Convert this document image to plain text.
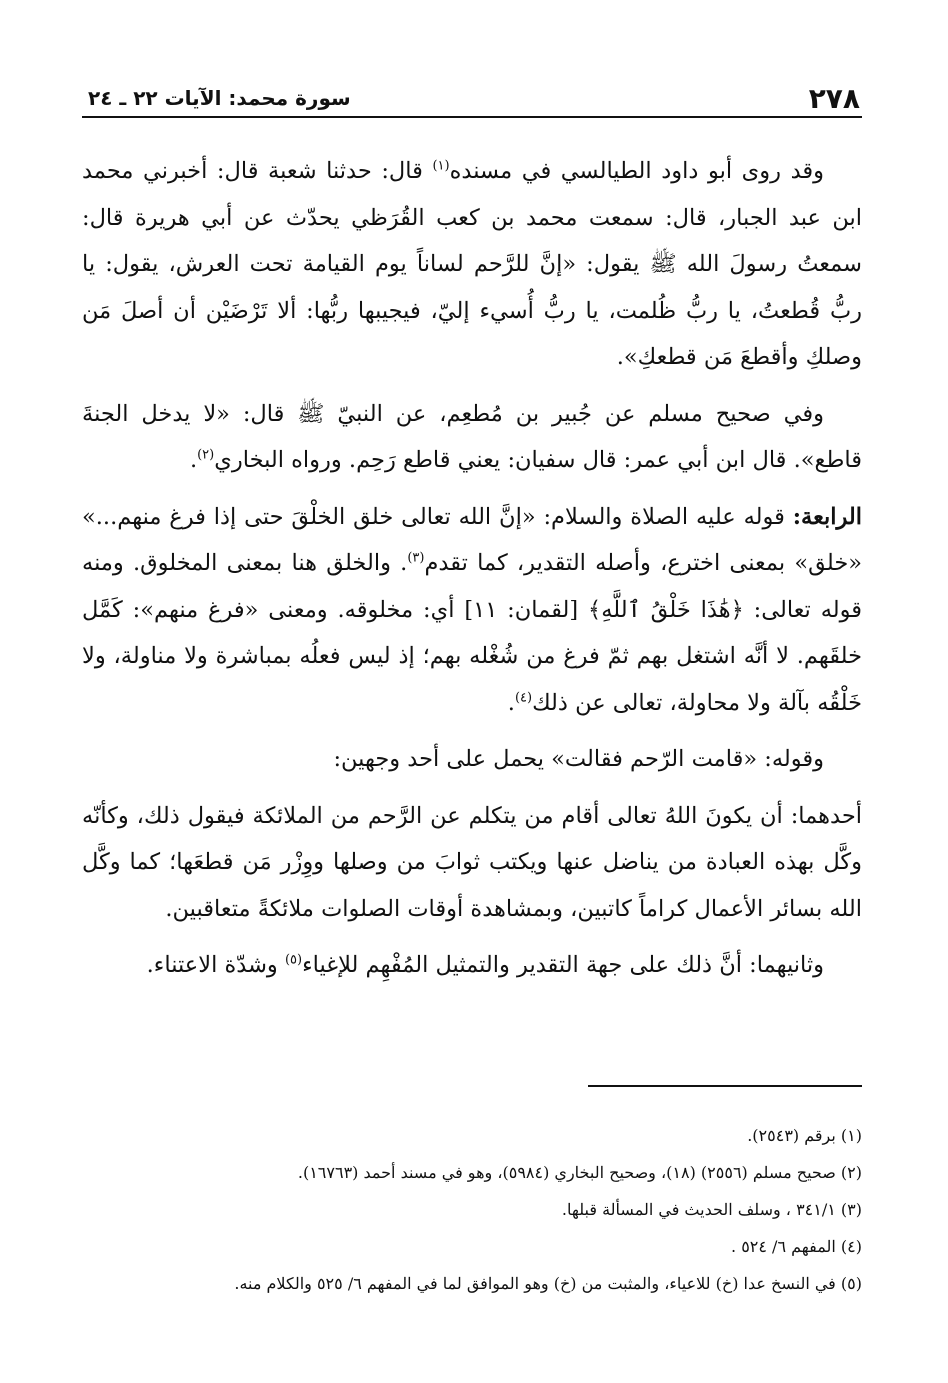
٢٧٨
سورة محمد: الآيات ٢٢ ـ ٢٤

وقد روى أبو داود الطيالسي في مسنده$^{(١)}$ قال: حدثنا شعبة قال: أخبرني محمد ابن عبد الجبار، قال: سمعت محمد بن كعب القُرَظي يحدّث عن أبي هريرة قال: سمعتُ رسولَ الله ﷺ يقول: «إنَّ للرَّحم لساناً يوم القيامة تحت العرش، يقول: يا ربُّ قُطعتُ، يا ربُّ ظُلمت، يا ربُّ أُسيء إليّ، فيجيبها ربُّها: ألا تَرْضَيْن أن أصلَ مَن وصلكِ وأقطعَ مَن قطعكِ».

وفي صحيح مسلم عن جُبير بن مُطعِم، عن النبيّ ﷺ قال: «لا يدخل الجنةَ قاطع». قال ابن أبي عمر: قال سفيان: يعني قاطع رَحِم. ورواه البخاري$^{(٢)}$.

الرابعة: قوله عليه الصلاة والسلام: «إنَّ الله تعالى خلق الخلْقَ حتى إذا فرغ منهم...» «خلق» بمعنى اخترع، وأصله التقدير، كما تقدم$^{(٣)}$. والخلق هنا بمعنى المخلوق. ومنه قوله تعالى: ﴿هَٰذَا خَلْقُ ٱللَّهِ﴾ [لقمان: ١١] أي: مخلوقه. ومعنى «فرغ منهم»: كَمَّل خلقَهم. لا أنَّه اشتغل بهم ثمّ فرغ من شُغْله بهم؛ إذ ليس فعلُه بمباشرة ولا مناولة، ولا خَلْقُه بآلة ولا محاولة، تعالى عن ذلك$^{(٤)}$.

وقوله: «قامت الرّحم فقالت» يحمل على أحد وجهين:

أحدهما: أن يكونَ اللهُ تعالى أقام من يتكلم عن الرَّحم من الملائكة فيقول ذلك، وكأنّه وكَّل بهذه العبادة من يناضل عنها ويكتب ثوابَ من وصلها ووِزْر مَن قطعَها؛ كما وكَّل الله بسائر الأعمال كراماً كاتبين، وبمشاهدة أوقات الصلوات ملائكةً متعاقبين.

وثانيهما: أنَّ ذلك على جهة التقدير والتمثيل المُفْهِم للإغياء$^{(٥)}$ وشدّة الاعتناء.

(١) برقم (٢٥٤٣).
(٢) صحيح مسلم (٢٥٥٦) (١٨)، وصحيح البخاري (٥٩٨٤)، وهو في مسند أحمد (١٦٧٦٣).
(٣) ٣٤١/١ ، وسلف الحديث في المسألة قبلها.
(٤) المفهم ٦/ ٥٢٤ .
(٥) في النسخ عدا (خ) للاعياء، والمثبت من (خ) وهو الموافق لما في المفهم ٦/ ٥٢٥ والكلام منه.
